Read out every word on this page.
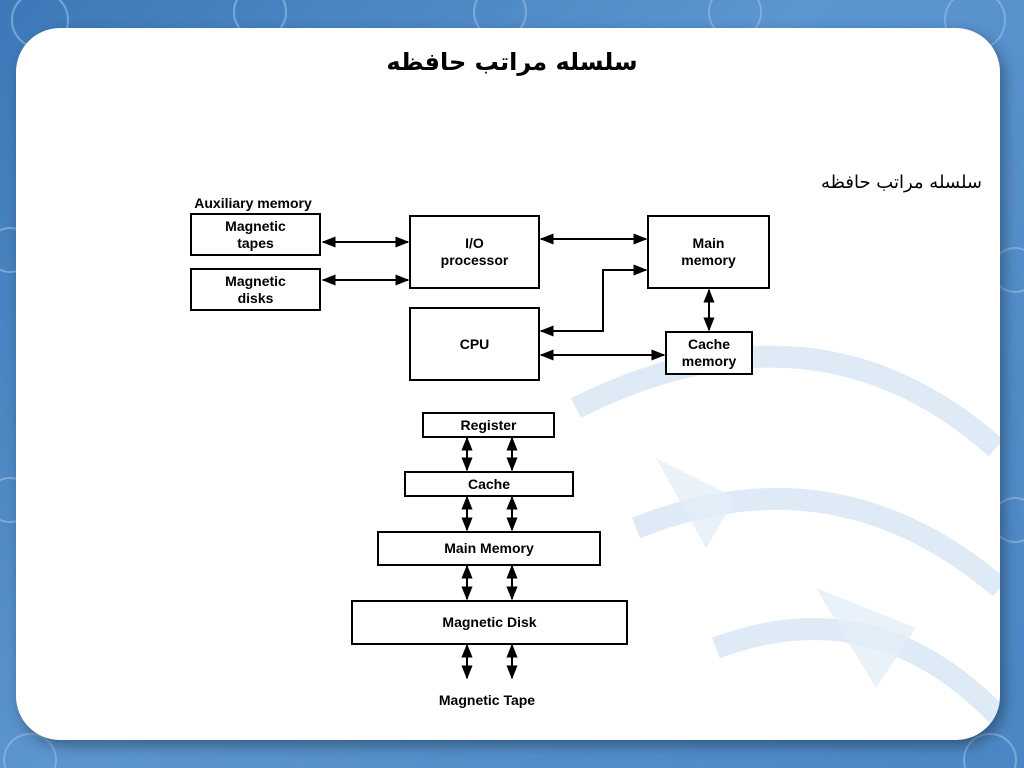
سلسله مراتب حافظه
سلسله مراتب حافظه
Auxiliary memory
Magnetic tapes
Magnetic disks
I/O processor
CPU
Main memory
Cache memory
Register
Cache
Main Memory
Magnetic Disk
Magnetic Tape
